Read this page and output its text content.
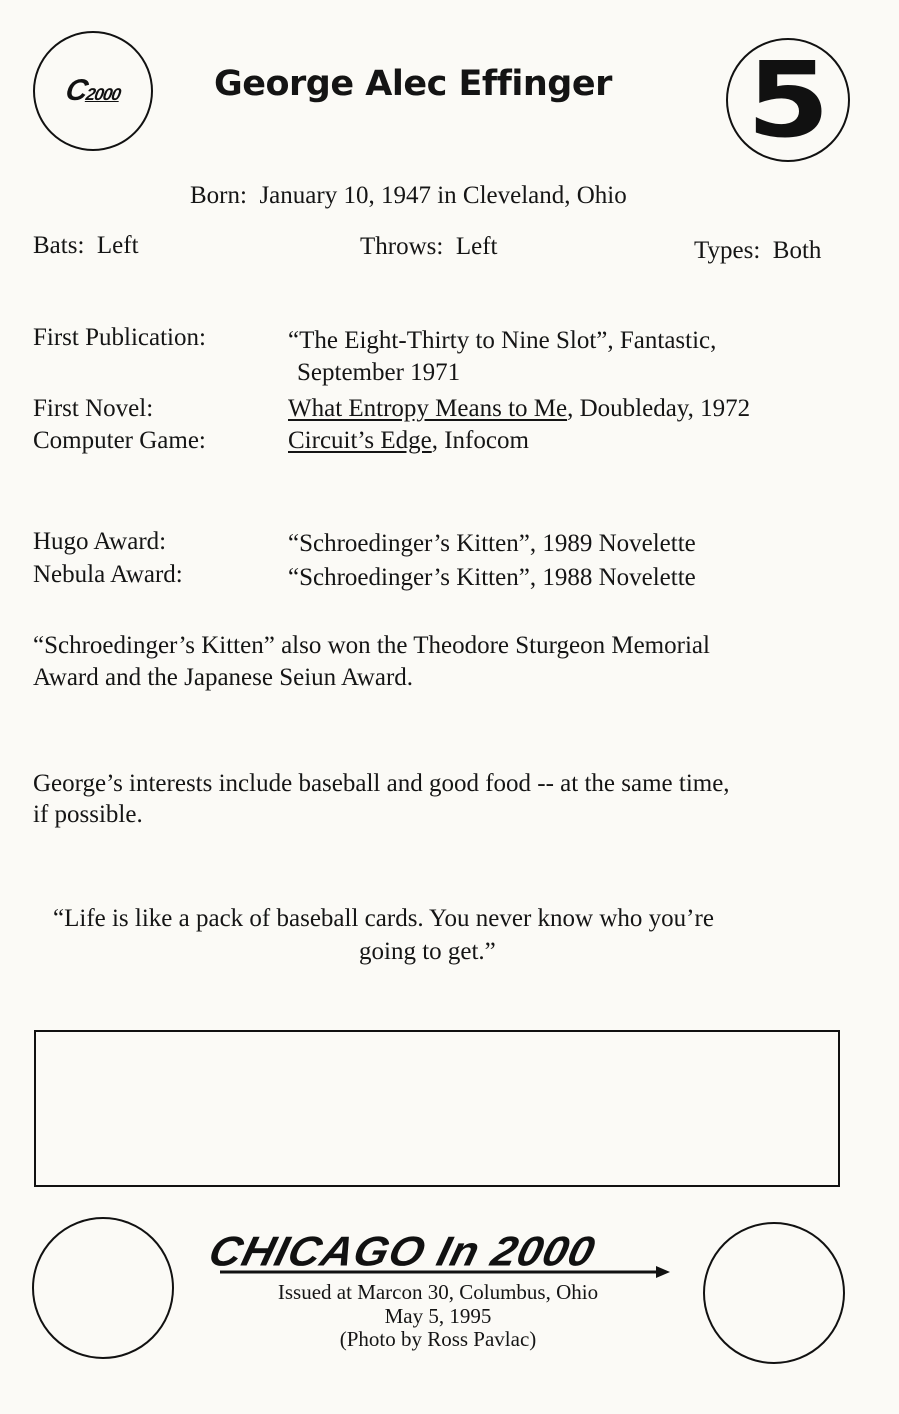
C2000	George Alec Effinger 5
Born: January 10, 1947 in Cleveland, Ohio
Bats: Left	Throws: Left	Types: Both
First Publication:	“The Eight-Thirty to Nine Slot”, Fantastic,
September 1971
First Novel:	What Entropy Means to Me, Doubleday, 1972
Computer Game:	Circuit’s Edge, Infocom
Hugo Award:	“Schroedinger’s Kitten”, 1989 Novelette
Nebula Award:	“Schroedinger’s Kitten”, 1988 Novelette
“Schroedinger’s Kitten” also won the Theodore Sturgeon Memorial
Award and the Japanese Seiun Award.
George’s interests include baseball and good food -- at the same time,
if possible.
“Life is like a pack of baseball cards. You never know who you’re
going to get.”
CHICAGO In 2000
Issued at Marcon 30, Columbus, Ohio
May 5, 1995
(Photo by Ross Pavlac)
